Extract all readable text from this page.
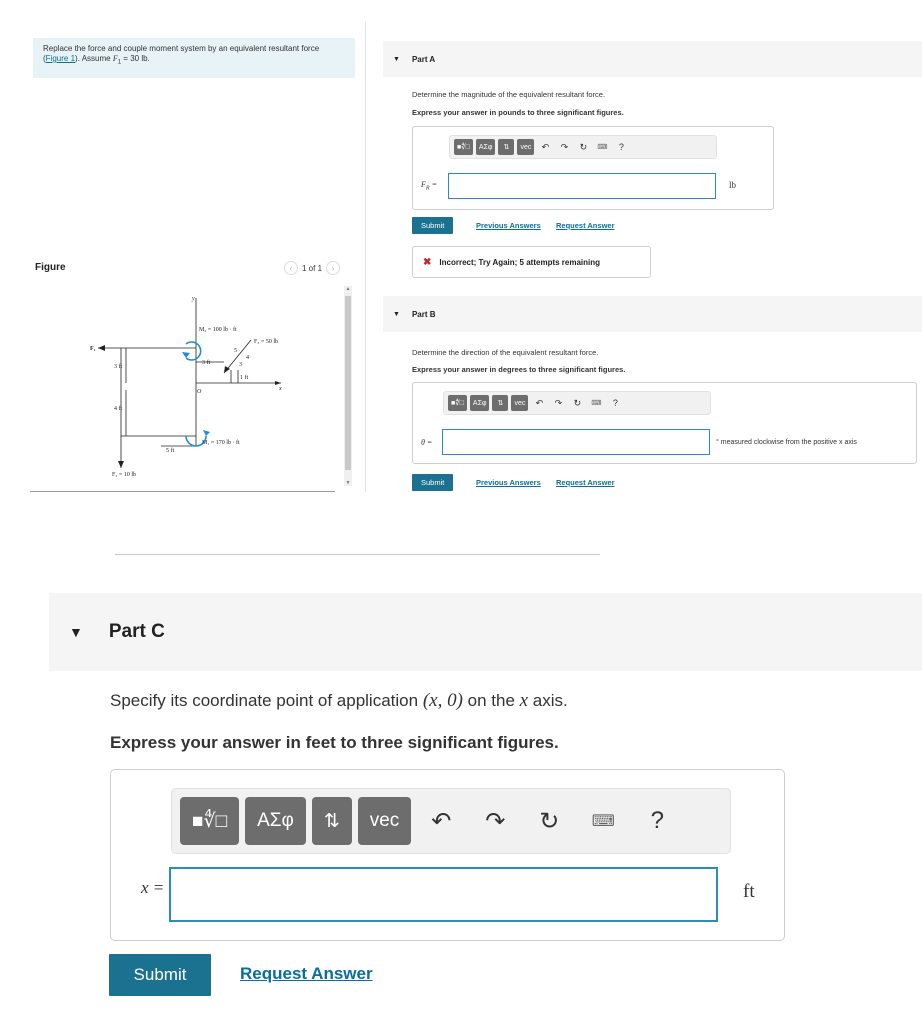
Replace the force and couple moment system by an equivalent resultant force (Figure 1). Assume $F_1 = 30$ lb.
Figure	‹	1 of 1	›
M₂ = 100 lb · ft
F₃ = 50 lb
F₁
3 ft
3 ft
1 ft
5
4
3
y
x
O
4 ft
5 ft
M₁ = 170 lb · ft
F₂ = 10 lb
▲
▼
▼ Part A
Determine the magnitude of the equivalent resultant force.
Express your answer in pounds to three significant figures.
■∜□	ΑΣφ	⇅	vec	↶	↷	↻	⌨	?
$F_R$ =	lb
Submit	Previous Answers Request Answer
✖ Incorrect; Try Again; 5 attempts remaining
▼ Part B
Determine the direction of the equivalent resultant force.
Express your answer in degrees to three significant figures.
■∜□	ΑΣφ	⇅	vec	↶	↷	↻	⌨	?
θ =	° measured clockwise from the positive x axis
Submit	Previous Answers Request Answer
▼ Part C
Specify its coordinate point of application (x, 0) on the x axis.
Express your answer in feet to three significant figures.
■∜□	ΑΣφ	⇅	vec	↶	↷	↻	⌨	?
x =	ft
Submit	Request Answer
